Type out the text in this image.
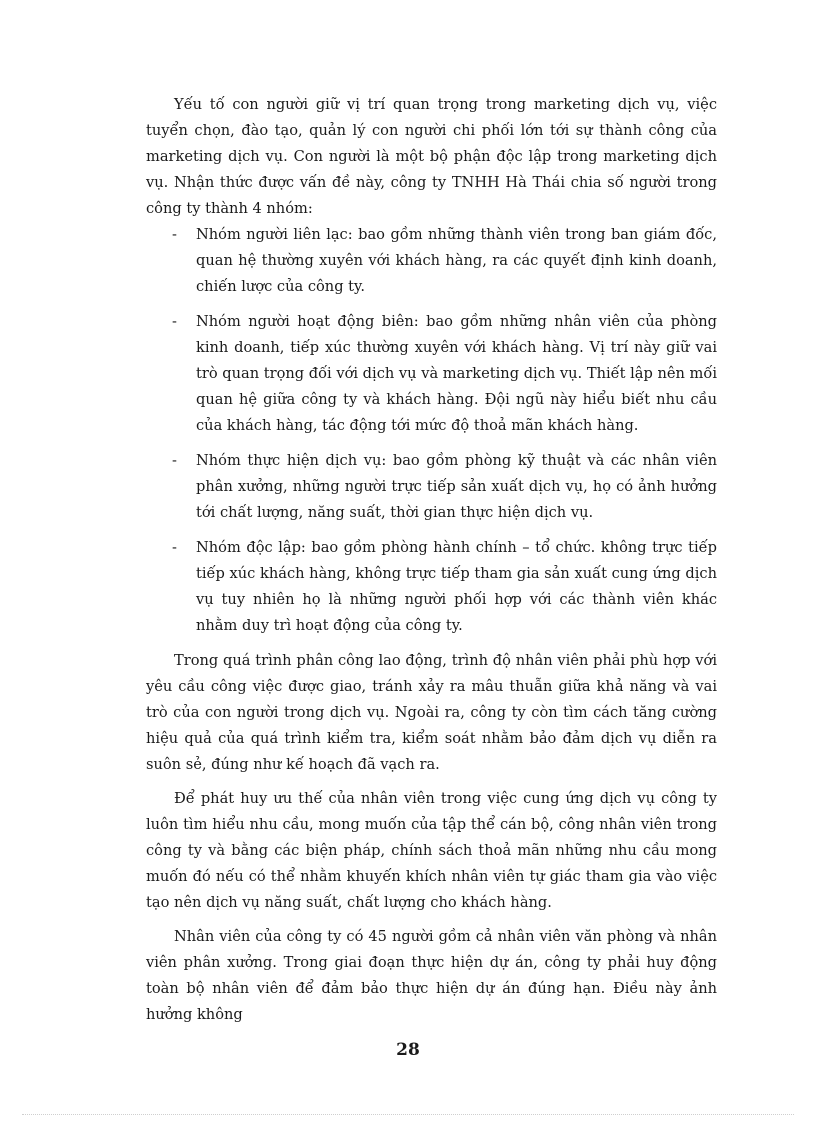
Yếu tố con người giữ vị trí quan trọng trong marketing dịch vụ, việc tuyển chọn, đào tạo, quản lý con người chi phối lớn tới sự thành công của marketing dịch vụ. Con người là một bộ phận độc lập trong marketing dịch vụ. Nhận thức được vấn đề này, công ty TNHH Hà Thái chia số người trong công ty thành 4 nhóm:

- Nhóm người liên lạc: bao gồm những thành viên trong ban giám đốc, quan hệ thường xuyên với khách hàng, ra các quyết định kinh doanh, chiến lược của công ty.
- Nhóm người hoạt động biên: bao gồm những nhân viên của phòng kinh doanh, tiếp xúc thường xuyên với khách hàng. Vị trí này giữ vai trò quan trọng đối với dịch vụ và marketing dịch vụ. Thiết lập nên mối quan hệ giữa công ty và khách hàng. Đội ngũ này hiểu biết nhu cầu của khách hàng, tác động tới mức độ thoả mãn khách hàng.
- Nhóm thực hiện dịch vụ: bao gồm phòng kỹ thuật và các nhân viên phân xưởng, những người trực tiếp sản xuất dịch vụ, họ có ảnh hưởng tới chất lượng, năng suất, thời gian thực hiện dịch vụ.
- Nhóm độc lập: bao gồm phòng hành chính – tổ chức. không trực tiếp tiếp xúc khách hàng, không trực tiếp tham gia sản xuất cung ứng dịch vụ tuy nhiên họ là những người phối hợp với các thành viên khác nhằm duy trì hoạt động của công ty.

Trong quá trình phân công lao động, trình độ nhân viên phải phù hợp với yêu cầu công việc được giao, tránh xảy ra mâu thuẫn giữa khả năng và vai trò của con người trong dịch vụ. Ngoài ra, công ty còn tìm cách tăng cường hiệu quả của quá trình kiểm tra, kiểm soát nhằm bảo đảm dịch vụ diễn ra suôn sẻ, đúng như kế hoạch đã vạch ra.

Để phát huy ưu thế của nhân viên trong việc cung ứng dịch vụ công ty luôn tìm hiểu nhu cầu, mong muốn của tập thể cán bộ, công nhân viên trong công ty và bằng các biện pháp, chính sách thoả mãn những nhu cầu mong muốn đó nếu có thể nhằm khuyến khích nhân viên tự giác tham gia vào việc tạo nên dịch vụ năng suất, chất lượng cho khách hàng.

Nhân viên của công ty có 45 người gồm cả nhân viên văn phòng và nhân viên phân xưởng. Trong giai đoạn thực hiện dự án, công ty phải huy động toàn bộ nhân viên để đảm bảo thực hiện dự án đúng hạn. Điều này ảnh hưởng không

28
